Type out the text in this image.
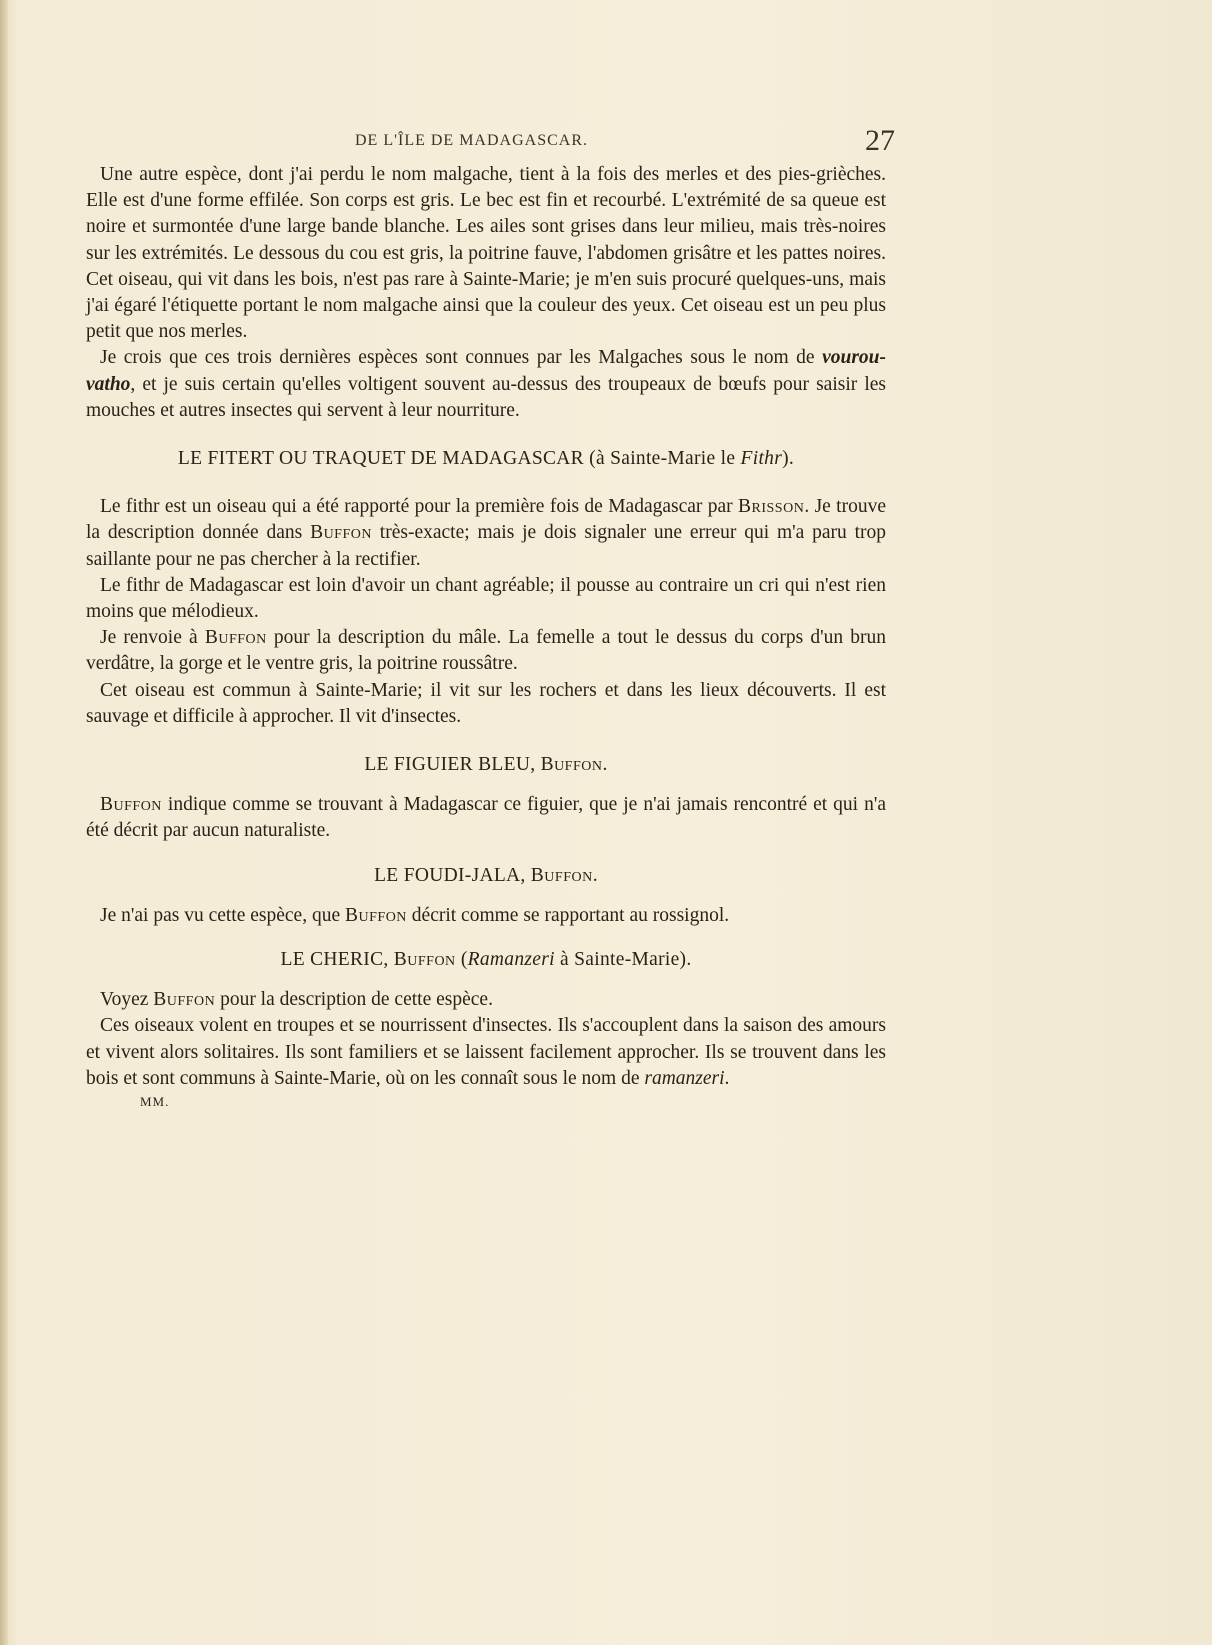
DE L'ÎLE DE MADAGASCAR.	27

Une autre espèce, dont j'ai perdu le nom malgache, tient à la fois des merles et des pies-grièches. Elle est d'une forme effilée. Son corps est gris. Le bec est fin et recourbé. L'extrémité de sa queue est noire et surmontée d'une large bande blanche. Les ailes sont grises dans leur milieu, mais très-noires sur les extrémités. Le dessous du cou est gris, la poitrine fauve, l'abdomen grisâtre et les pattes noires. Cet oiseau, qui vit dans les bois, n'est pas rare à Sainte-Marie; je m'en suis procuré quelques-uns, mais j'ai égaré l'étiquette portant le nom malgache ainsi que la couleur des yeux. Cet oiseau est un peu plus petit que nos merles.

Je crois que ces trois dernières espèces sont connues par les Malgaches sous le nom de vourou-vatho, et je suis certain qu'elles voltigent souvent au-dessus des troupeaux de bœufs pour saisir les mouches et autres insectes qui servent à leur nourriture.

LE FITERT OU TRAQUET DE MADAGASCAR (à Sainte-Marie le Fithr).

Le fithr est un oiseau qui a été rapporté pour la première fois de Madagascar par Brisson. Je trouve la description donnée dans Buffon très-exacte; mais je dois signaler une erreur qui m'a paru trop saillante pour ne pas chercher à la rectifier.

Le fithr de Madagascar est loin d'avoir un chant agréable; il pousse au contraire un cri qui n'est rien moins que mélodieux.

Je renvoie à Buffon pour la description du mâle. La femelle a tout le dessus du corps d'un brun verdâtre, la gorge et le ventre gris, la poitrine roussâtre.

Cet oiseau est commun à Sainte-Marie; il vit sur les rochers et dans les lieux découverts. Il est sauvage et difficile à approcher. Il vit d'insectes.

LE FIGUIER BLEU, Buffon.

Buffon indique comme se trouvant à Madagascar ce figuier, que je n'ai jamais rencontré et qui n'a été décrit par aucun naturaliste.

LE FOUDI-JALA, Buffon.

Je n'ai pas vu cette espèce, que Buffon décrit comme se rapportant au rossignol.

LE CHERIC, Buffon (Ramanzeri à Sainte-Marie).

Voyez Buffon pour la description de cette espèce.

Ces oiseaux volent en troupes et se nourrissent d'insectes. Ils s'accouplent dans la saison des amours et vivent alors solitaires. Ils sont familiers et se laissent facilement approcher. Ils se trouvent dans les bois et sont communs à Sainte-Marie, où on les connaît sous le nom de ramanzeri.

MM.
